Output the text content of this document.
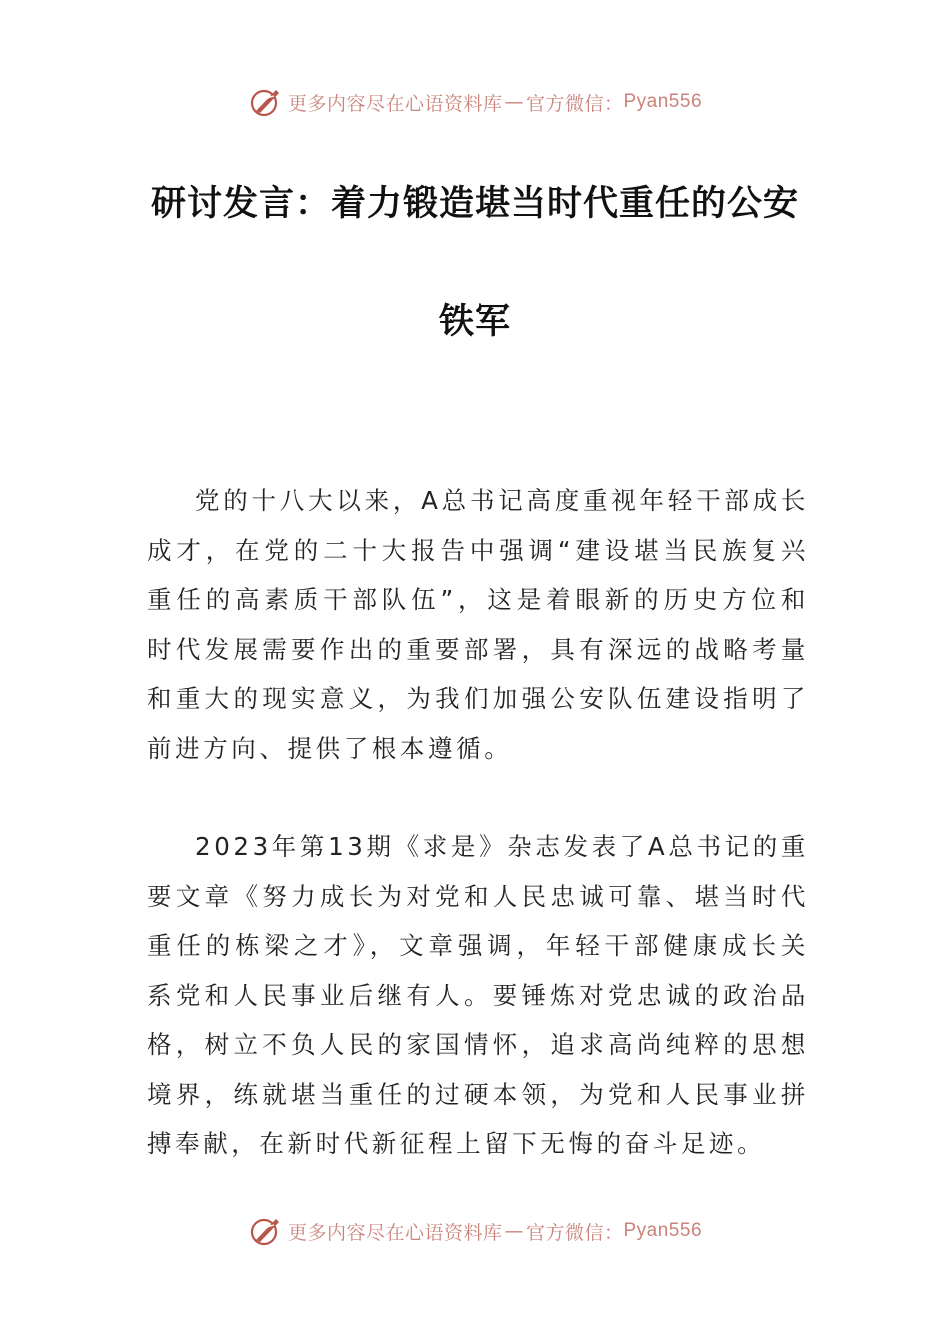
更多内容尽在心语资料库 — 官方微信： Pyan556
研讨发言：着力锻造堪当时代重任的公安
铁军

党的十八大以来，A总书记高度重视年轻干部成长成才，在党的二十大报告中强调“建设堪当民族复兴重任的高素质干部队伍”，这是着眼新的历史方位和时代发展需要作出的重要部署，具有深远的战略考量和重大的现实意义，为我们加强公安队伍建设指明了前进方向、提供了根本遵循。

2023年第13期《求是》杂志发表了A总书记的重要文章《努力成长为对党和人民忠诚可靠、堪当时代重任的栋梁之才》，文章强调，年轻干部健康成长关系党和人民事业后继有人。要锤炼对党忠诚的政治品格，树立不负人民的家国情怀，追求高尚纯粹的思想境界，练就堪当重任的过硬本领，为党和人民事业拼搏奉献，在新时代新征程上留下无悔的奋斗足迹。

更多内容尽在心语资料库 — 官方微信： Pyan556
